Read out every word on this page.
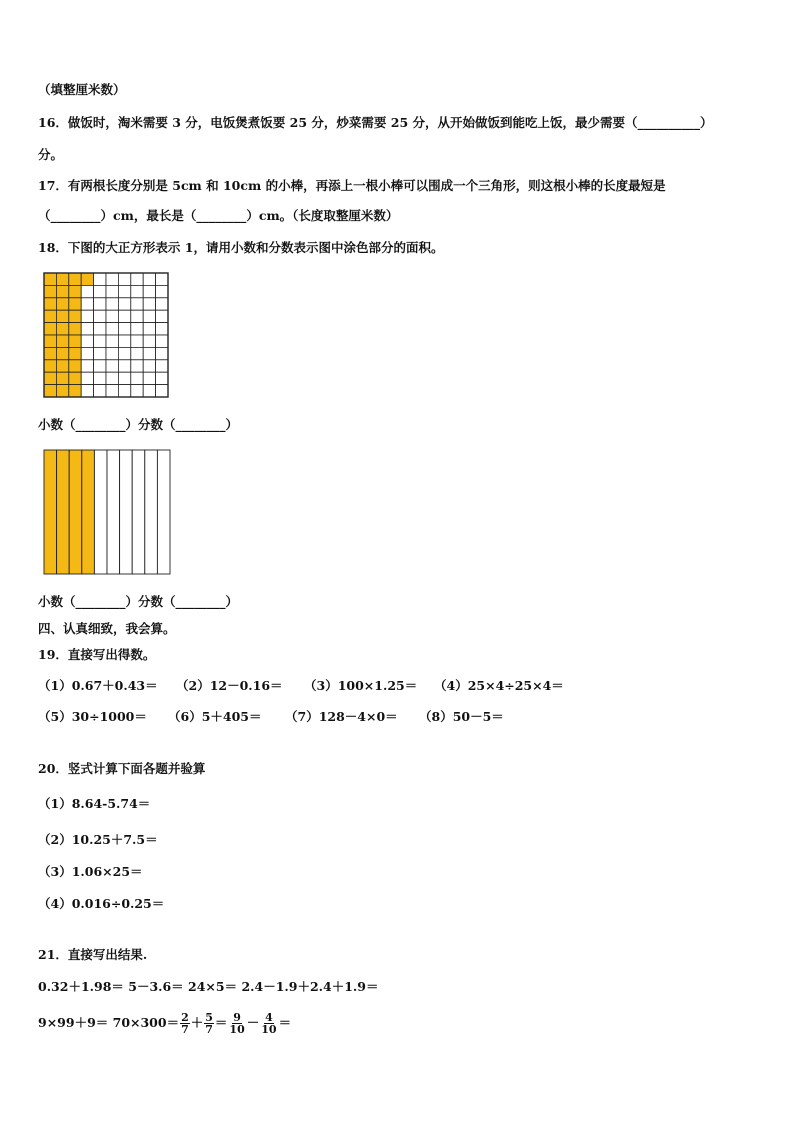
（填整厘米数）
16．做饭时，淘米需要 3 分，电饭煲煮饭要 25 分，炒菜需要 25 分，从开始做饭到能吃上饭，最少需要（__________）
分。
17．有两根长度分别是 5cm 和 10cm 的小棒，再添上一根小棒可以围成一个三角形，则这根小棒的长度最短是
（________）cm，最长是（________）cm。（长度取整厘米数）
18．下图的大正方形表示 1，请用小数和分数表示图中涂色部分的面积。
小数（________）分数（________）
小数（________）分数（________）
四、认真细致，我会算。
19．直接写出得数。
（1）0.67＋0.43＝ （2）12－0.16＝ （3）100×1.25＝ （4）25×4÷25×4＝
（5）30÷1000＝ （6）5＋405＝ （7）128－4×0＝ （8）50－5＝
20．竖式计算下面各题并验算
（1）8.64-5.74＝
（2）10.25＋7.5＝
（3）1.06×25＝
（4）0.016÷0.25＝
21．直接写出结果.
0.32＋1.98＝ 5－3.6＝ 24×5＝ 2.4－1.9＋2.4＋1.9＝
$9\times 99+9= 70\times 300= \frac{2}{7} + \frac{5}{7} = \frac{9}{10} - \frac{4}{10}$ ＝
